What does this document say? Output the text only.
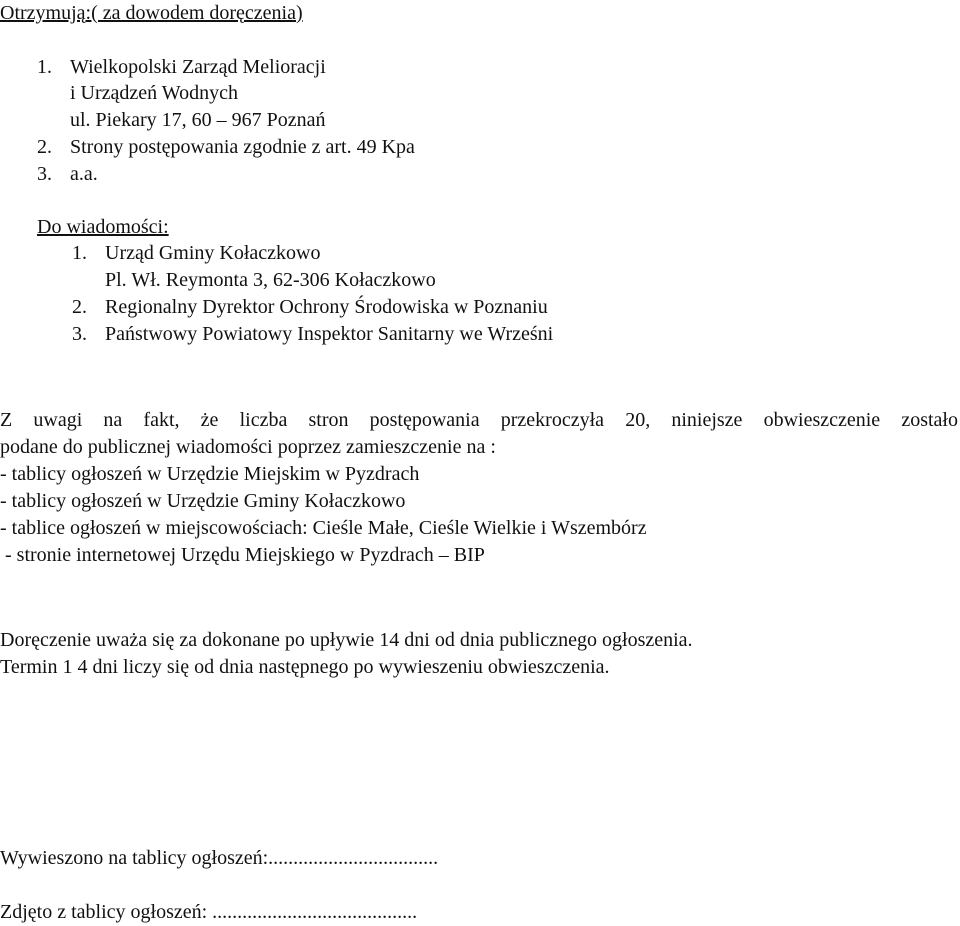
Otrzymują:( za dowodem doręczenia)
1. Wielkopolski Zarząd Melioracji
i Urządzeń Wodnych
ul. Piekary 17, 60 – 967 Poznań
2. Strony postępowania zgodnie z art. 49 Kpa
3. a.a.
Do wiadomości:
1. Urząd Gminy Kołaczkowo
Pl. Wł. Reymonta 3, 62-306 Kołaczkowo
2. Regionalny Dyrektor Ochrony Środowiska w Poznaniu
3. Państwowy Powiatowy Inspektor Sanitarny we Wrześni
Z uwagi na fakt, że liczba stron postępowania przekroczyła 20, niniejsze obwieszczenie zostało
podane do publicznej wiadomości poprzez zamieszczenie na :
- tablicy ogłoszeń w Urzędzie Miejskim w Pyzdrach
- tablicy ogłoszeń w Urzędzie Gminy Kołaczkowo
- tablice ogłoszeń w miejscowościach: Cieśle Małe, Cieśle Wielkie i Wszembórz
- stronie internetowej Urzędu Miejskiego w Pyzdrach – BIP
Doręczenie uważa się za dokonane po upływie 14 dni od dnia publicznego ogłoszenia.
Termin 1 4 dni liczy się od dnia następnego po wywieszeniu obwieszczenia.
Wywieszono na tablicy ogłoszeń:..................................
Zdjęto z tablicy ogłoszeń: .........................................
